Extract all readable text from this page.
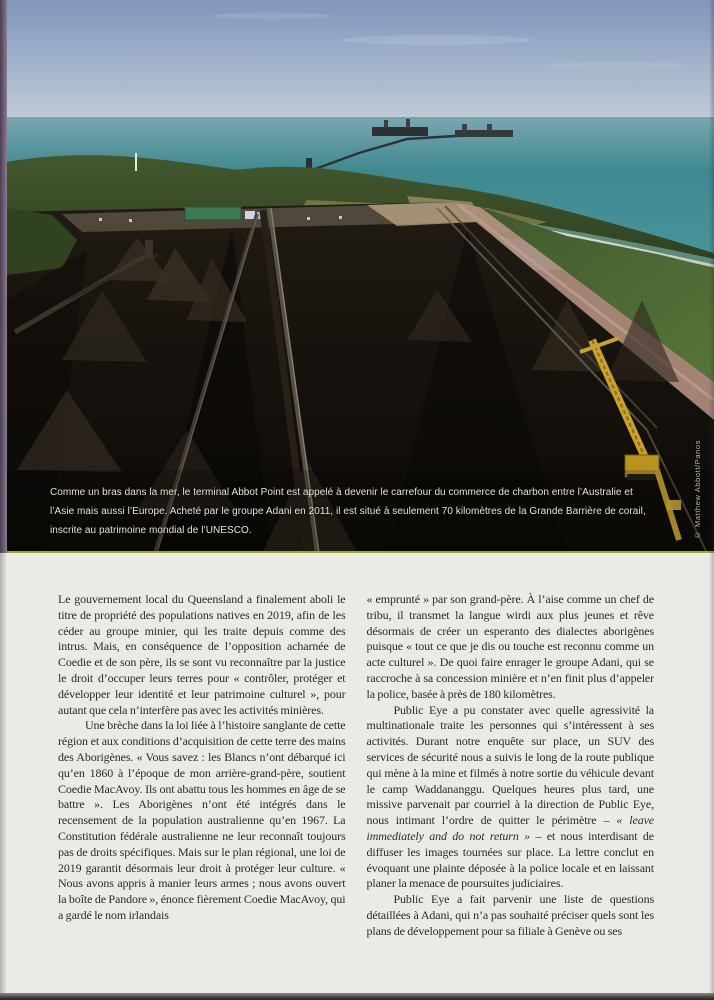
Comme un bras dans la mer, le terminal Abbot Point est appelé à devenir le carrefour du commerce de charbon entre l’Australie et l’Asie mais aussi l’Europe. Acheté par le groupe Adani en 2011, il est situé à seulement 70 kilomètres de la Grande Barrière de corail, inscrite au patrimoine mondial de l’UNESCO.	© Matthew Abbott/Panos

Le gouvernement local du Queensland a finalement aboli le titre de propriété des populations natives en 2019, afin de les céder au groupe minier, qui les traite depuis comme des intrus. Mais, en conséquence de l’opposition acharnée de Coedie et de son père, ils se sont vu reconnaître par la justice le droit d’occuper leurs terres pour « contrôler, protéger et développer leur identité et leur patrimoine culturel », pour autant que cela n’interfère pas avec les activités minières.

Une brèche dans la loi liée à l’histoire sanglante de cette région et aux conditions d’acquisition de cette terre des mains des Aborigènes. « Vous savez : les Blancs n’ont débarqué ici qu’en 1860 à l’époque de mon arrière-grand-père, soutient Coedie MacAvoy. Ils ont abattu tous les hommes en âge de se battre ». Les Aborigènes n’ont été intégrés dans le recensement de la population australienne qu’en 1967. La Constitution fédérale australienne ne leur reconnaît toujours pas de droits spécifiques. Mais sur le plan régional, une loi de 2019 garantit désormais leur droit à protéger leur culture. « Nous avons appris à manier leurs armes ; nous avons ouvert la boîte de Pandore », énonce fièrement Coedie MacAvoy, qui a gardé le nom irlandais

« emprunté » par son grand-père. À l’aise comme un chef de tribu, il transmet la langue wirdi aux plus jeunes et rêve désormais de créer un esperanto des dialectes aborigènes puisque « tout ce que je dis ou touche est reconnu comme un acte culturel ». De quoi faire enrager le groupe Adani, qui se raccroche à sa concession minière et n’en finit plus d’appeler la police, basée à près de 180 kilomètres.

Public Eye a pu constater avec quelle agressivité la multinationale traite les personnes qui s’intéressent à ses activités. Durant notre enquête sur place, un SUV des services de sécurité nous a suivis le long de la route publique qui mène à la mine et filmés à notre sortie du véhicule devant le camp Waddananggu. Quelques heures plus tard, une missive parvenait par courriel à la direction de Public Eye, nous intimant l’ordre de quitter le périmètre – « leave immediately and do not return » – et nous interdisant de diffuser les images tournées sur place. La lettre conclut en évoquant une plainte déposée à la police locale et en laissant planer la menace de poursuites judiciaires.

Public Eye a fait parvenir une liste de questions détaillées à Adani, qui n’a pas souhaité préciser quels sont les plans de développement pour sa filiale à Genève ou ses
